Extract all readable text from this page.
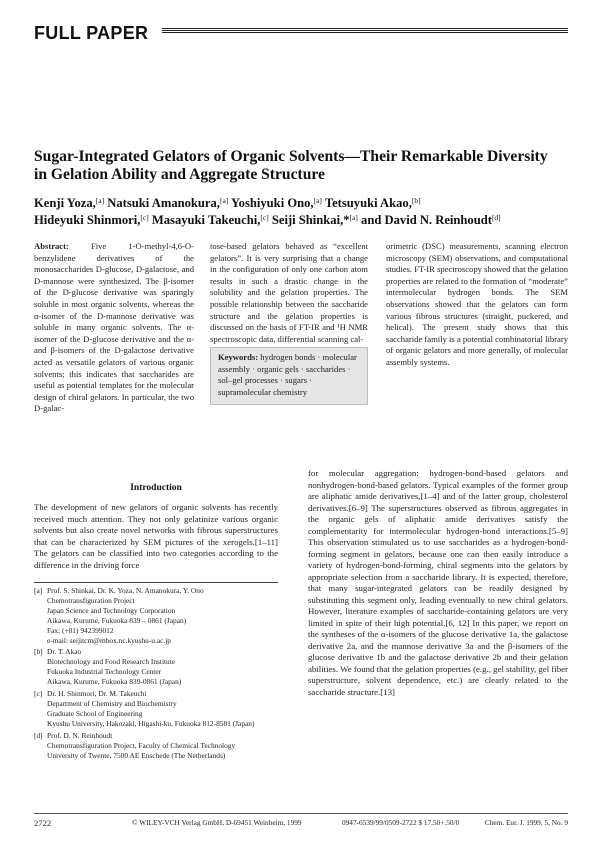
FULL PAPER
Sugar-Integrated Gelators of Organic Solvents—Their Remarkable Diversity
in Gelation Ability and Aggregate Structure

Kenji Yoza,[a] Natsuki Amanokura,[a] Yoshiyuki Ono,[a] Tetsuyuki Akao,[b]
Hideyuki Shinmori,[c] Masayuki Takeuchi,[c] Seiji Shinkai,*[a] and David N. Reinhoudt[d]

Abstract: Five 1-O-methyl-4,6-O-benzylidene derivatives of the monosaccharides D-glucose, D-galactose, and D-mannose were synthesized. The β-isomer of the D-glucose derivative was sparingly soluble in most organic solvents, whereas the α-isomer of the D-mannose derivative was soluble in many organic solvents. The α-isomer of the D-glucose derivative and the α- and β-isomers of the D-galactose derivative acted as versatile gelators of various organic solvents; this indicates that saccharides are useful as potential templates for the molecular design of chiral gelators. In particular, the two D-galac-

tose-based gelators behaved as “excellent gelators”. It is very surprising that a change in the configuration of only one carbon atom results in such a drastic change in the solubility and the gelation properties. The possible relationship between the saccharide structure and the gelation properties is discussed on the basis of FT-IR and ¹H NMR spectroscopic data, differential scanning cal-

orimetric (DSC) measurements, scanning electron microscopy (SEM) observations, and computational studies. FT-IR spectroscopy showed that the gelation properties are related to the formation of “moderate” intermolecular hydrogen bonds. The SEM observations showed that the gelators can form various fibrous structures (straight, puckered, and helical). The present study shows that this saccharide family is a potential combinatorial library of organic gelators and more generally, of molecular assembly systems.

Keywords: hydrogen bonds · molecular assembly · organic gels · saccharides · sol–gel processes · sugars · supramolecular chemistry
Introduction

The development of new gelators of organic solvents has recently received much attention. They not only gelatinize various organic solvents but also create novel networks with fibrous superstructures that can be characterized by SEM pictures of the xerogels.[1–11] The gelators can be classified into two categories according to the difference in the driving force

for molecular aggregation: hydrogen-bond-based gelators and nonhydrogen-bond-based gelators. Typical examples of the former group are aliphatic amide derivatives,[1–4] and of the latter group, cholesterol derivatives.[6–9] The superstructures observed as fibrous aggregates in the organic gels of aliphatic amide derivatives satisfy the complementarity for intermolecular hydrogen-bond interactions.[5–9] This observation stimulated us to use saccharides as a hydrogen-bond-forming segment in gelators, because one can then easily introduce a variety of hydrogen-bond-forming, chiral segments into the gelators by appropriate selection from a saccharide library. It is expected, therefore, that many sugar-integrated gelators can be readily designed by substituting this segment only, leading eventually to new chiral gelators. However, literature examples of saccharide-containing gelators are very limited in spite of their high potential.[6, 12] In this paper, we report on the syntheses of the α-isomers of the glucose derivative 1a, the galactose derivative 2a, and the mannose derivative 3a and the β-isomers of the glucose derivative 1b and the galactose derivative 2b and their gelation abilities. We found that the gelation properties (e.g., gel stability, gel fiber superstructure, solvent dependence, etc.) are clearly related to the saccharide structure.[13]

[a] Prof. S. Shinkai, Dr. K. Yoza, N. Amanokura, Y. Ono
Chemotransfiguration Project
Japan Science and Technology Corporation
Aikawa, Kurume, Fukuoka 839 – 0861 (Japan)
Fax: (+81) 942399012
e-mail: seijitcm@mbox.nc.kyushu-u.ac.jp
[b] Dr. T. Akao
Biotechnology and Food Research Institute
Fukuoka Industrial Technology Center
Aikawa, Kurume, Fukuoka 839-0861 (Japan)
[c] Dr. H. Shinmori, Dr. M. Takeuchi
Department of Chemistry and Biochemistry
Graduate School of Engineering
Kyushu University, Hakozaki, Higashi-ku, Fukuoka 812-8581 (Japan)
[d] Prof. D. N. Reinhoudt
Chemotransfiguration Project, Faculty of Chemical Technology
University of Twente, 7500 AE Enschede (The Netherlands)
2722	© WILEY-VCH Verlag GmbH, D-69451 Weinheim, 1999	0947-6539/99/0509-2722 $ 17.50+.50/0	Chem. Eur. J. 1999, 5, No. 9
